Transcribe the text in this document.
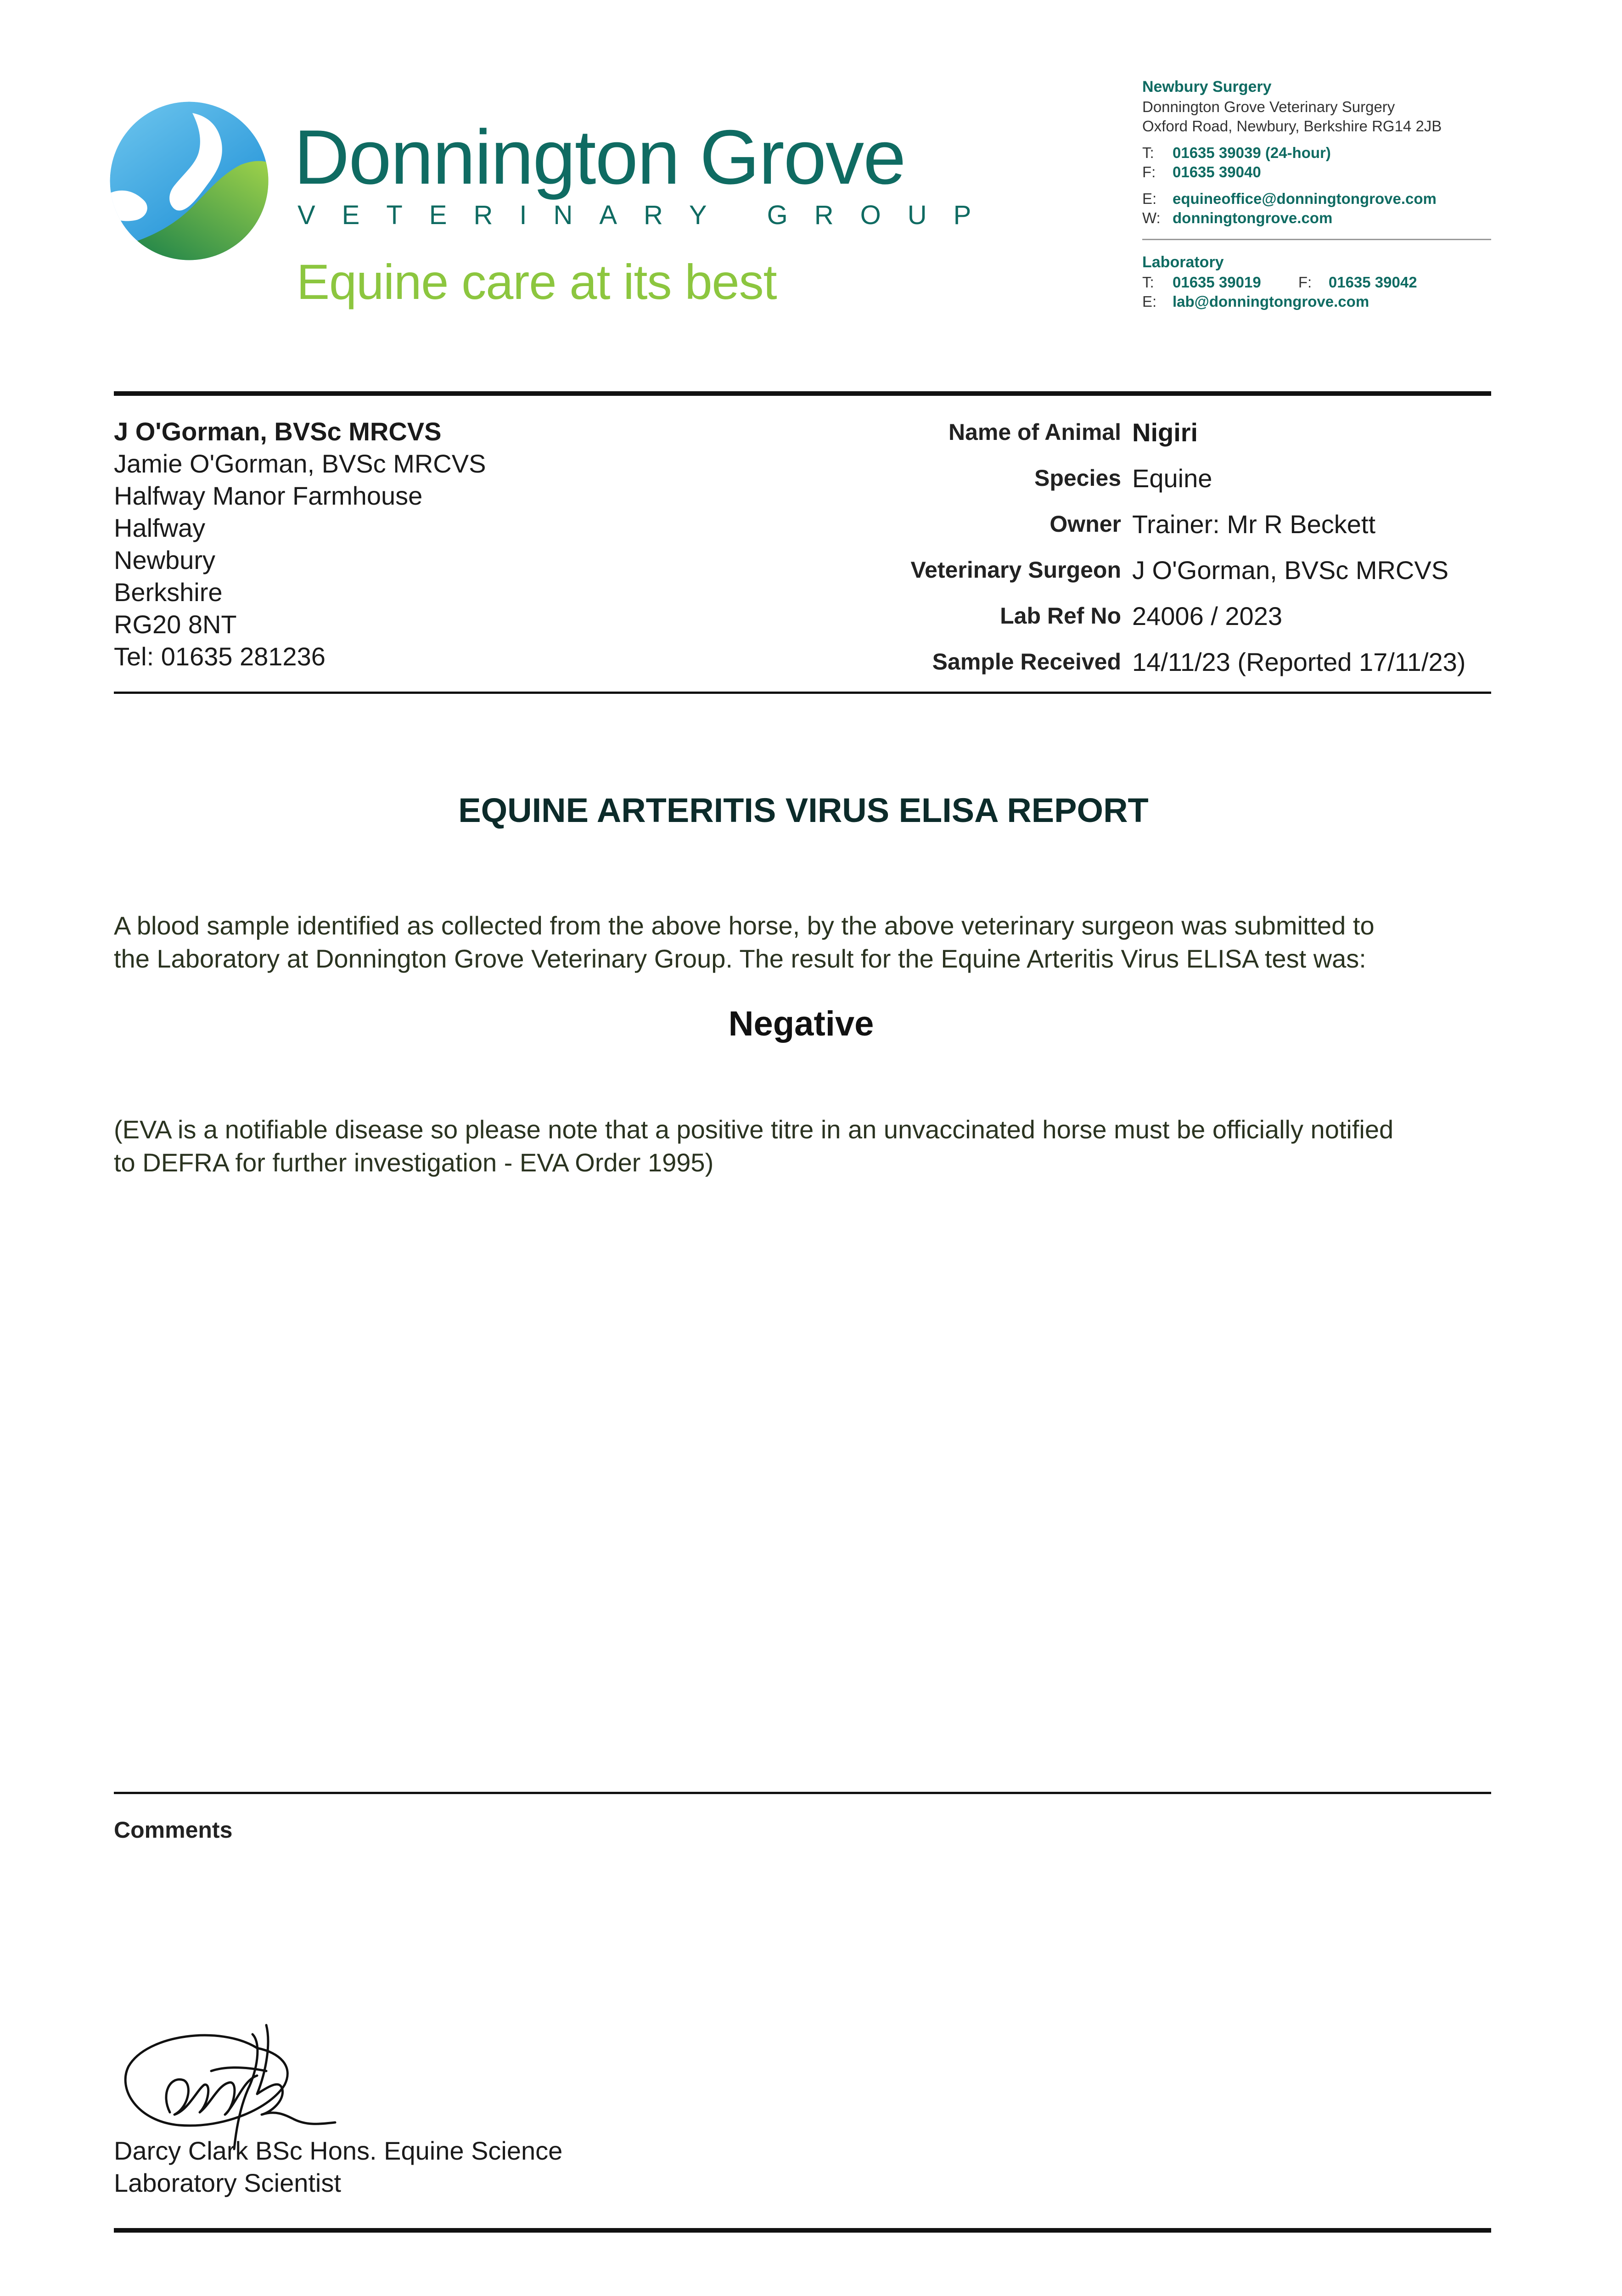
Donnington Grove
VETERINARY GROUP
Equine care at its best
Newbury Surgery
Donnington Grove Veterinary Surgery
Oxford Road, Newbury, Berkshire RG14 2JB
T: 01635 39039 (24-hour)
F: 01635 39040
E: equineoffice@donningtongrove.com
W: donningtongrove.com
Laboratory
T: 01635 39019 F: 01635 39042
E: lab@donningtongrove.com
J O'Gorman, BVSc MRCVS
Jamie O'Gorman, BVSc MRCVS
Halfway Manor Farmhouse
Halfway
Newbury
Berkshire
RG20 8NT
Tel: 01635 281236
Name of Animal Nigiri
Species Equine
Owner Trainer: Mr R Beckett
Veterinary Surgeon J O'Gorman, BVSc MRCVS
Lab Ref No 24006 / 2023
Sample Received 14/11/23 (Reported 17/11/23)
EQUINE ARTERITIS VIRUS ELISA REPORT
A blood sample identified as collected from the above horse, by the above veterinary surgeon was submitted to
the Laboratory at Donnington Grove Veterinary Group. The result for the Equine Arteritis Virus ELISA test was:
Negative
(EVA is a notifiable disease so please note that a positive titre in an unvaccinated horse must be officially notified
to DEFRA for further investigation - EVA Order 1995)
Comments
Darcy Clark BSc Hons. Equine Science
Laboratory Scientist
